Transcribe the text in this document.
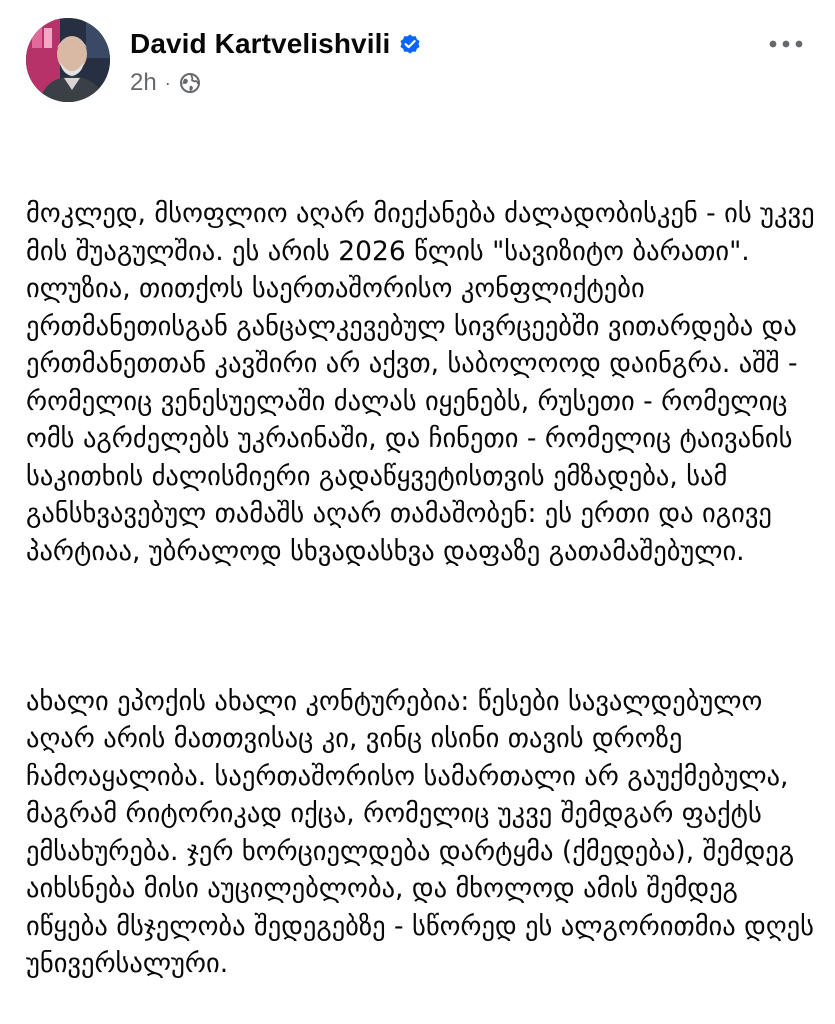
David Kartvelishvili
2h ·

მოკლედ, მსოფლიო აღარ მიექანება ძალადობისკენ - ის უკვე მის შუაგულშია. ეს არის 2026 წლის "სავიზიტო ბარათი". ილუზია, თითქოს საერთაშორისო კონფლიქტები ერთმანეთისგან განცალკევებულ სივრცეებში ვითარდება და ერთმანეთთან კავშირი არ აქვთ, საბოლოოდ დაინგრა. აშშ - რომელიც ვენესუელაში ძალას იყენებს, რუსეთი - რომელიც ომს აგრძელებს უკრაინაში, და ჩინეთი - რომელიც ტაივანის საკითხის ძალისმიერი გადაწყვეტისთვის ემზადება, სამ განსხვავებულ თამაშს აღარ თამაშობენ: ეს ერთი და იგივე პარტიაა, უბრალოდ სხვადასხვა დაფაზე გათამაშებული.

ახალი ეპოქის ახალი კონტურებია: წესები სავალდებულო აღარ არის მათთვისაც კი, ვინც ისინი თავის დროზე ჩამოაყალიბა. საერთაშორისო სამართალი არ გაუქმებულა, მაგრამ რიტორიკად იქცა, რომელიც უკვე შემდგარ ფაქტს ემსახურება. ჯერ ხორციელდება დარტყმა (ქმედება), შემდეგ აიხსნება მისი აუცილებლობა, და მხოლოდ ამის შემდეგ იწყება მსჯელობა შედეგებზე - სწორედ ეს ალგორითმია დღეს უნივერსალური.
